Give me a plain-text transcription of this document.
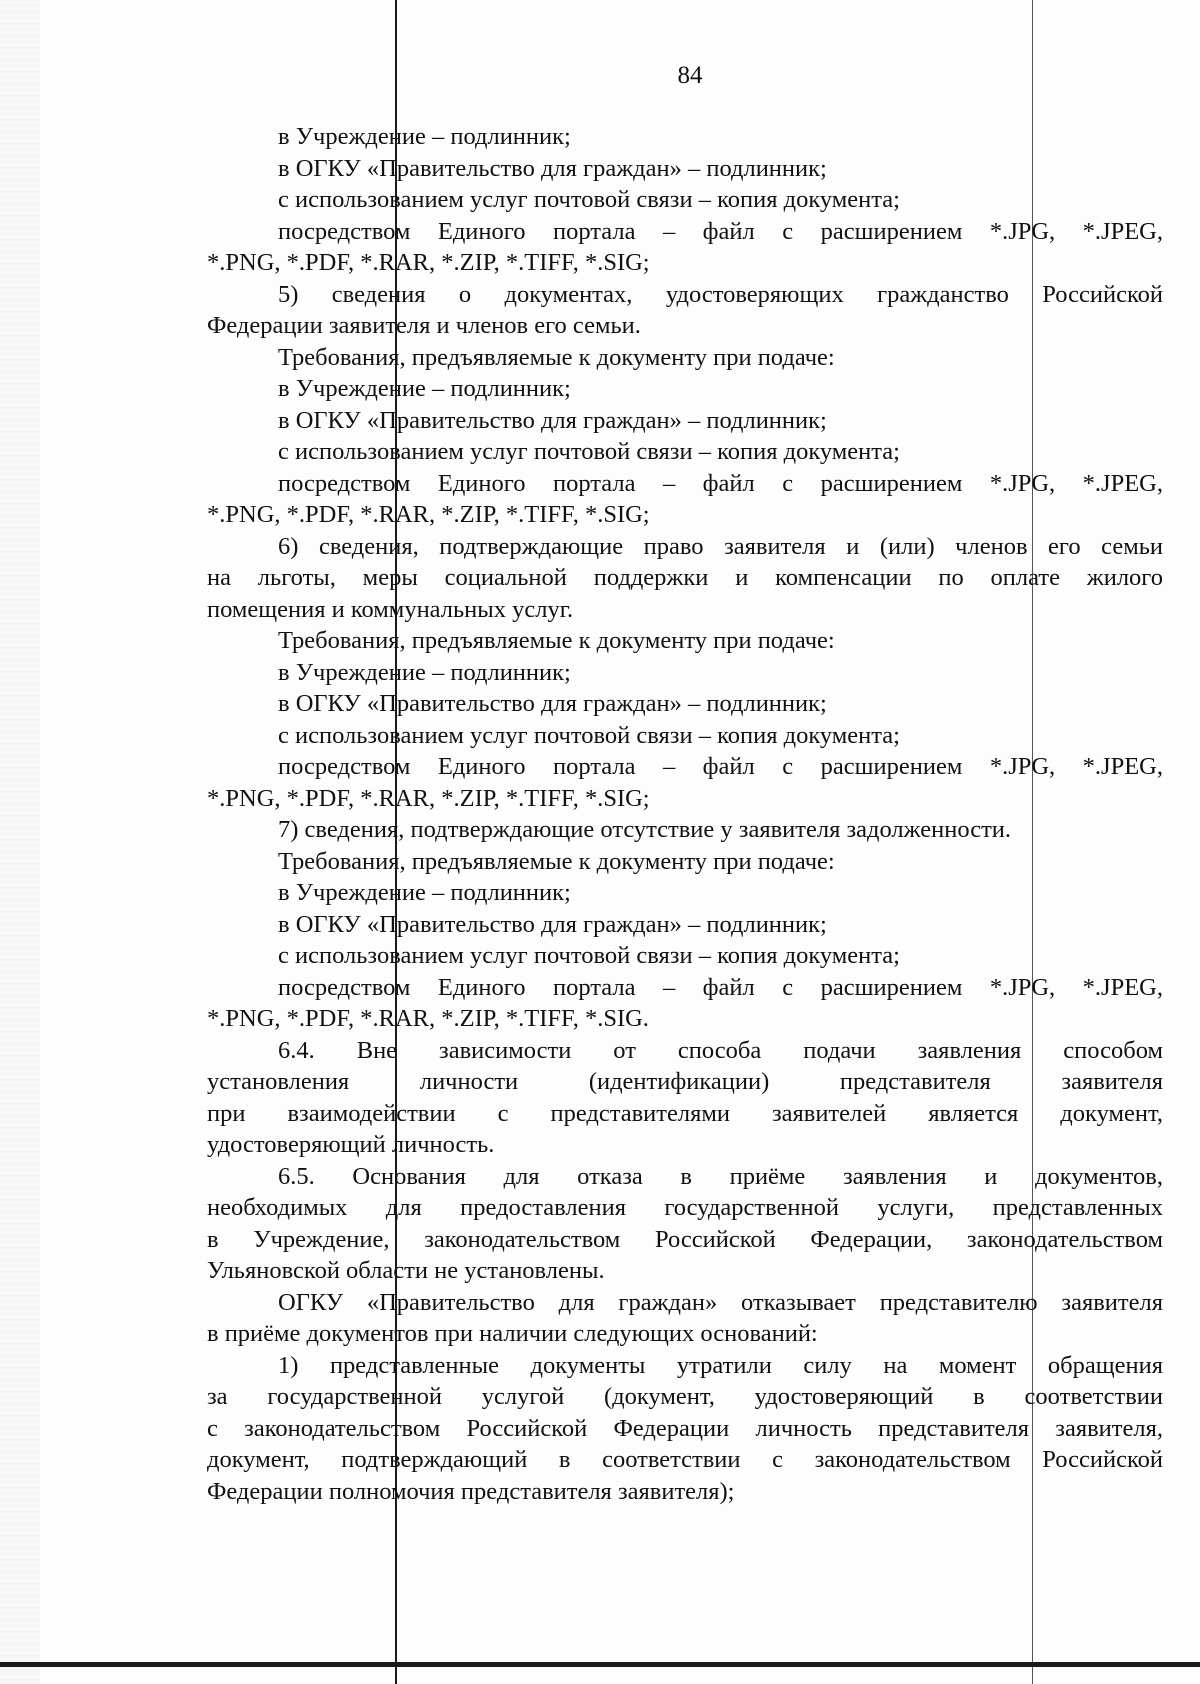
84
в Учреждение – подлинник;
в ОГКУ «Правительство для граждан» – подлинник;
с использованием услуг почтовой связи – копия документа;
посредством Единого портала – файл с расширением *.JPG, *.JPEG,
*.PNG, *.PDF, *.RAR, *.ZIP, *.TIFF, *.SIG;
5) сведения о документах, удостоверяющих гражданство Российской
Федерации заявителя и членов его семьи.
Требования, предъявляемые к документу при подаче:
в Учреждение – подлинник;
в ОГКУ «Правительство для граждан» – подлинник;
с использованием услуг почтовой связи – копия документа;
посредством Единого портала – файл с расширением *.JPG, *.JPEG,
*.PNG, *.PDF, *.RAR, *.ZIP, *.TIFF, *.SIG;
6) сведения, подтверждающие право заявителя и (или) членов его семьи
на льготы, меры социальной поддержки и компенсации по оплате жилого
помещения и коммунальных услуг.
Требования, предъявляемые к документу при подаче:
в Учреждение – подлинник;
в ОГКУ «Правительство для граждан» – подлинник;
с использованием услуг почтовой связи – копия документа;
посредством Единого портала – файл с расширением *.JPG, *.JPEG,
*.PNG, *.PDF, *.RAR, *.ZIP, *.TIFF, *.SIG;
7) сведения, подтверждающие отсутствие у заявителя задолженности.
Требования, предъявляемые к документу при подаче:
в Учреждение – подлинник;
в ОГКУ «Правительство для граждан» – подлинник;
с использованием услуг почтовой связи – копия документа;
посредством Единого портала – файл с расширением *.JPG, *.JPEG,
*.PNG, *.PDF, *.RAR, *.ZIP, *.TIFF, *.SIG.
6.4. Вне зависимости от способа подачи заявления способом
установления личности (идентификации) представителя заявителя
при взаимодействии с представителями заявителей является документ,
удостоверяющий личность.
6.5. Основания для отказа в приёме заявления и документов,
необходимых для предоставления государственной услуги, представленных
в Учреждение, законодательством Российской Федерации, законодательством
Ульяновской области не установлены.
ОГКУ «Правительство для граждан» отказывает представителю заявителя
в приёме документов при наличии следующих оснований:
1) представленные документы утратили силу на момент обращения
за государственной услугой (документ, удостоверяющий в соответствии
с законодательством Российской Федерации личность представителя заявителя,
документ, подтверждающий в соответствии с законодательством Российской
Федерации полномочия представителя заявителя);
